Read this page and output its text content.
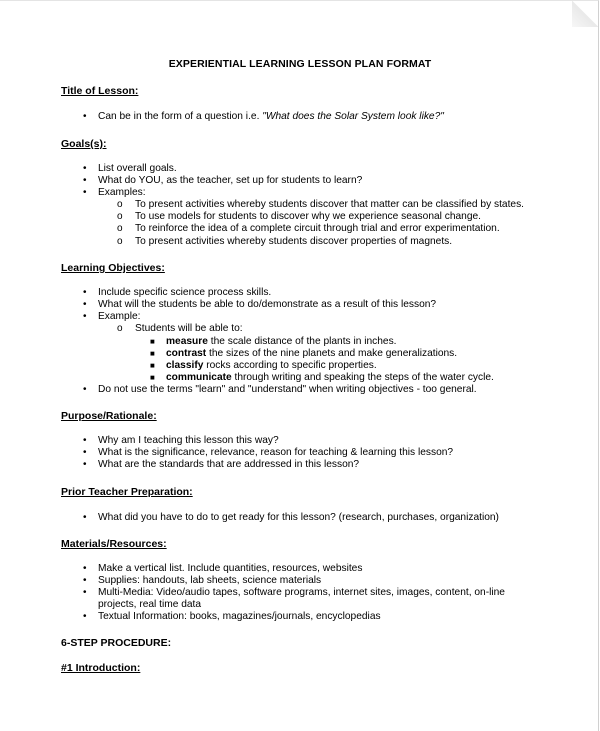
EXPERIENTIAL LEARNING LESSON PLAN FORMAT
Title of Lesson:
• Can be in the form of a question i.e. "What does the Solar System look like?"
Goals(s):
• List overall goals.
• What do YOU, as the teacher, set up for students to learn?
• Examples:
o To present activities whereby students discover that matter can be classified by states.
o To use models for students to discover why we experience seasonal change.
o To reinforce the idea of a complete circuit through trial and error experimentation.
o To present activities whereby students discover properties of magnets.
Learning Objectives:
• Include specific science process skills.
• What will the students be able to do/demonstrate as a result of this lesson?
• Example:
o Students will be able to:
■ measure the scale distance of the plants in inches.
■ contrast the sizes of the nine planets and make generalizations.
■ classify rocks according to specific properties.
■ communicate through writing and speaking the steps of the water cycle.
• Do not use the terms "learn" and "understand" when writing objectives - too general.
Purpose/Rationale:
• Why am I teaching this lesson this way?
• What is the significance, relevance, reason for teaching & learning this lesson?
• What are the standards that are addressed in this lesson?
Prior Teacher Preparation:
• What did you have to do to get ready for this lesson? (research, purchases, organization)
Materials/Resources:
• Make a vertical list. Include quantities, resources, websites
• Supplies: handouts, lab sheets, science materials
• Multi-Media: Video/audio tapes, software programs, internet sites, images, content, on-line
projects, real time data
• Textual Information: books, magazines/journals, encyclopedias
6-STEP PROCEDURE:
#1 Introduction:
